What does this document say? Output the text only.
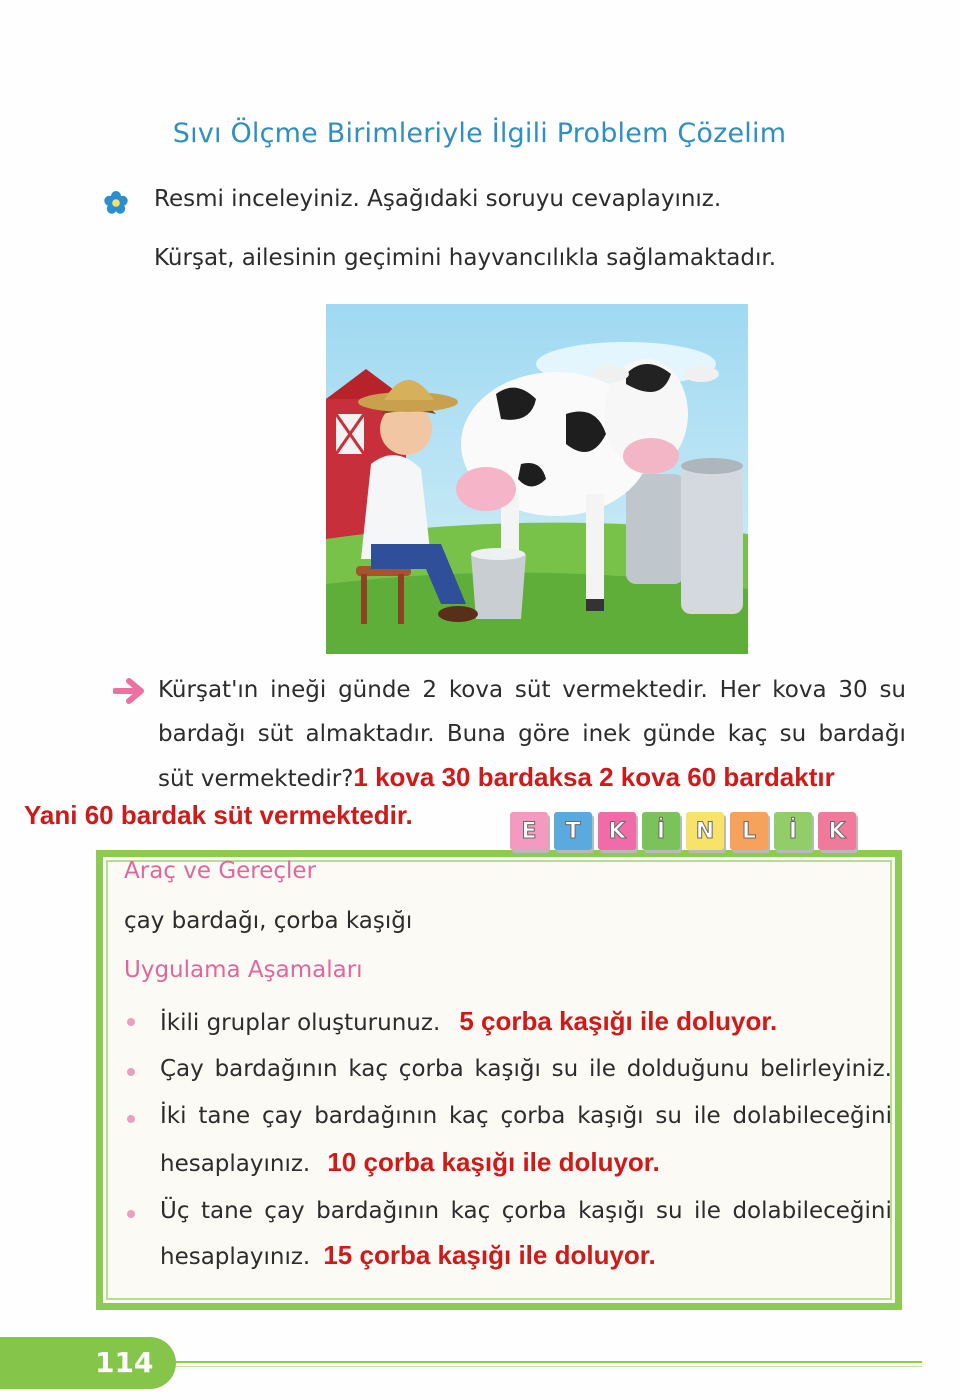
Sıvı Ölçme Birimleriyle İlgili Problem Çözelim
Resmi inceleyiniz. Aşağıdaki soruyu cevaplayınız.
Kürşat, ailesinin geçimini hayvancılıkla sağlamaktadır.
Kürşat'ın ineği günde 2 kova süt vermektedir. Her kova 30 su
bardağı süt almaktadır. Buna göre inek günde kaç su bardağı
süt vermektedir?1 kova 30 bardaksa 2 kova 60 bardaktır
Yani 60 bardak süt vermektedir.
E	T	K	İ	N	L	İ	K
Araç ve Gereçler
çay bardağı, çorba kaşığı
Uygulama Aşamaları
İkili gruplar oluşturunuz. 5 çorba kaşığı ile doluyor.
Çay bardağının kaç çorba kaşığı su ile dolduğunu belirleyiniz.
İki tane çay bardağının kaç çorba kaşığı su ile dolabileceğini
hesaplayınız. 10 çorba kaşığı ile doluyor.
Üç tane çay bardağının kaç çorba kaşığı su ile dolabileceğini
hesaplayınız. 15 çorba kaşığı ile doluyor.
114
